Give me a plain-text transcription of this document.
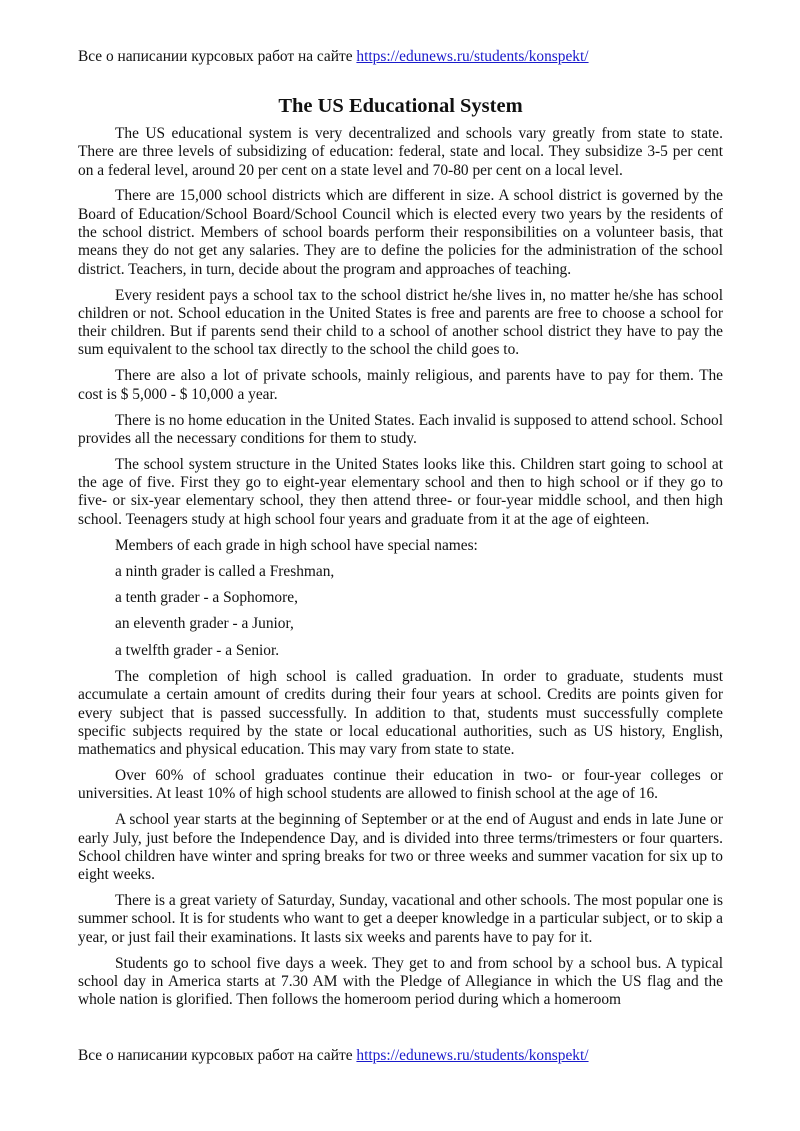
Все о написании курсовых работ на сайте https://edunews.ru/students/konspekt/
The US Educational System

The US educational system is very decentralized and schools vary greatly from state to state. There are three levels of subsidizing of education: federal, state and local. They subsidize 3-5 per cent on a federal level, around 20 per cent on a state level and 70-80 per cent on a local level.

There are 15,000 school districts which are different in size. A school district is governed by the Board of Education/School Board/School Council which is elected every two years by the residents of the school district. Members of school boards perform their responsibilities on a volunteer basis, that means they do not get any salaries. They are to define the policies for the administration of the school district. Teachers, in turn, decide about the program and approaches of teaching.

Every resident pays a school tax to the school district he/she lives in, no matter he/she has school children or not. School education in the United States is free and parents are free to choose a school for their children. But if parents send their child to a school of another school district they have to pay the sum equivalent to the school tax directly to the school the child goes to.

There are also a lot of private schools, mainly religious, and parents have to pay for them. The cost is $ 5,000 - $ 10,000 a year.

There is no home education in the United States. Each invalid is supposed to attend school. School provides all the necessary conditions for them to study.

The school system structure in the United States looks like this. Children start going to school at the age of five. First they go to eight-year elementary school and then to high school or if they go to five- or six-year elementary school, they then attend three- or four-year middle school, and then high school. Teenagers study at high school four years and graduate from it at the age of eighteen.

Members of each grade in high school have special names:

a ninth grader is called a Freshman,

a tenth grader - a Sophomore,

an eleventh grader - a Junior,

a twelfth grader - a Senior.

The completion of high school is called graduation. In order to graduate, students must accumulate a certain amount of credits during their four years at school. Credits are points given for every subject that is passed successfully. In addition to that, students must successfully complete specific subjects required by the state or local educational authorities, such as US history, English, mathematics and physical education. This may vary from state to state.

Over 60% of school graduates continue their education in two- or four-year colleges or universities. At least 10% of high school students are allowed to finish school at the age of 16.

A school year starts at the beginning of September or at the end of August and ends in late June or early July, just before the Independence Day, and is divided into three terms/trimesters or four quarters. School children have winter and spring breaks for two or three weeks and summer vacation for six up to eight weeks.

There is a great variety of Saturday, Sunday, vacational and other schools. The most popular one is summer school. It is for students who want to get a deeper knowledge in a particular subject, or to skip a year, or just fail their examinations. It lasts six weeks and parents have to pay for it.

Students go to school five days a week. They get to and from school by a school bus. A typical school day in America starts at 7.30 AM with the Pledge of Allegiance in which the US flag and the whole nation is glorified. Then follows the homeroom period during which a homeroom

Все о написании курсовых работ на сайте https://edunews.ru/students/konspekt/
